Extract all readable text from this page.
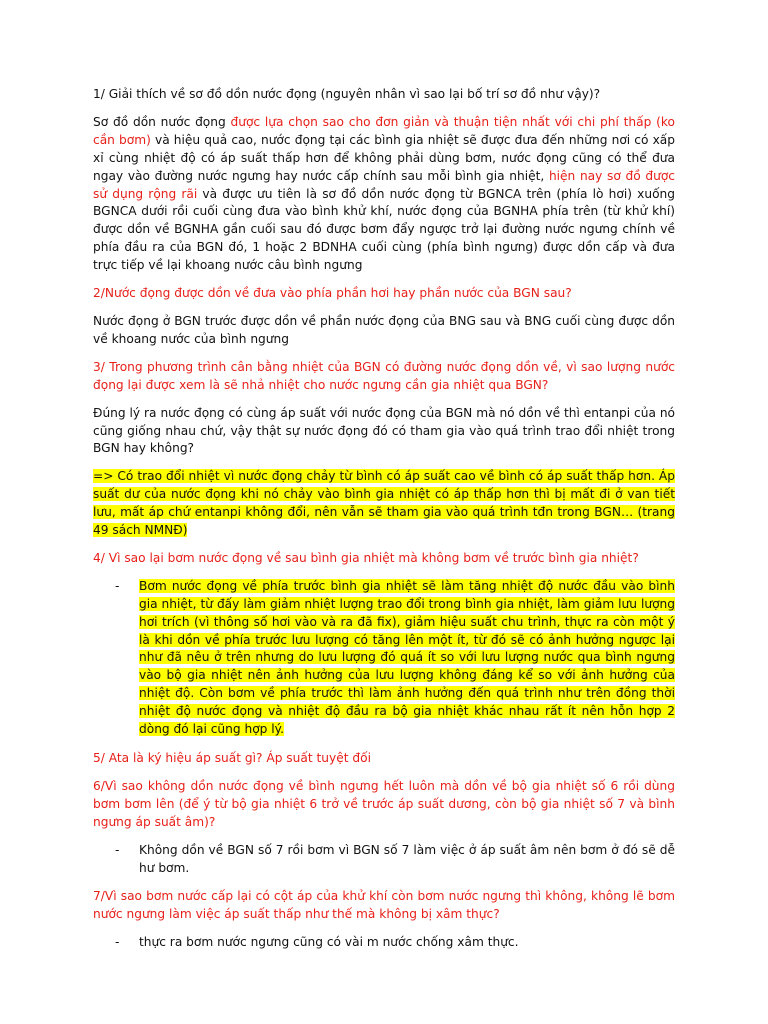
1/ Giải thích về sơ đồ dồn nước đọng (nguyên nhân vì sao lại bố trí sơ đồ như vậy)?

Sơ đồ dồn nước đọng được lựa chọn sao cho đơn giản và thuận tiện nhất với chi phí thấp (ko cần bơm) và hiệu quả cao, nước đọng tại các bình gia nhiệt sẽ được đưa đến những nơi có xấp xỉ cùng nhiệt độ có áp suất thấp hơn để không phải dùng bơm, nước đọng cũng có thể đưa ngay vào đường nước ngưng hay nước cấp chính sau mỗi bình gia nhiệt, hiện nay sơ đồ được sử dụng rộng rãi và được ưu tiên là sơ đồ dồn nước đọng từ BGNCA trên (phía lò hơi) xuống BGNCA dưới rồi cuối cùng đưa vào bình khử khí, nước đọng của BGNHA phía trên (từ khử khí) được dồn về BGNHA gần cuối sau đó được bơm đẩy ngược trở lại đường nước ngưng chính về phía đầu ra của BGN đó, 1 hoặc 2 BDNHA cuối cùng (phía bình ngưng) được dồn cấp và đưa trực tiếp về lại khoang nước câu bình ngưng

2/Nước đọng được dồn về đưa vào phía phần hơi hay phần nước của BGN sau?

Nước đọng ở BGN trước được dồn về phần nước đọng của BNG sau và BNG cuối cùng được dồn về khoang nước của bình ngưng

3/ Trong phương trình cân bằng nhiệt của BGN có đường nước đọng dồn về, vì sao lượng nước đọng lại được xem là sẽ nhả nhiệt cho nước ngưng cần gia nhiệt qua BGN?

Đúng lý ra nước đọng có cùng áp suất với nước đọng của BGN mà nó dồn về thì entanpi của nó cũng giống nhau chứ, vậy thật sự nước đọng đó có tham gia vào quá trình trao đổi nhiệt trong BGN hay không?

=> Có trao đổi nhiệt vì nước đọng chảy từ bình có áp suất cao về bình có áp suất thấp hơn. Áp suất dư của nước đọng khi nó chảy vào bình gia nhiệt có áp thấp hơn thì bị mất đi ở van tiết lưu, mất áp chứ entanpi không đổi, nên vẫn sẽ tham gia vào quá trình tđn trong BGN… (trang 49 sách NMNĐ)

4/ Vì sao lại bơm nước đọng về sau bình gia nhiệt mà không bơm về trước bình gia nhiệt?

- Bơm nước đọng về phía trước bình gia nhiệt sẽ làm tăng nhiệt độ nước đầu vào bình gia nhiệt, từ đấy làm giảm nhiệt lượng trao đổi trong bình gia nhiệt, làm giảm lưu lượng hơi trích (vì thông số hơi vào và ra đã fix), giảm hiệu suất chu trình, thực ra còn một ý là khi dồn về phía trước lưu lượng có tăng lên một ít, từ đó sẽ có ảnh hưởng ngược lại như đã nêu ở trên nhưng do lưu lượng đó quá ít so với lưu lượng nước qua bình ngưng vào bộ gia nhiệt nên ảnh hưởng của lưu lượng không đáng kể so với ảnh hưởng của nhiệt độ. Còn bơm về phía trước thì làm ảnh hưởng đến quá trình như trên đồng thời nhiệt độ nước đọng và nhiệt độ đầu ra bộ gia nhiệt khác nhau rất ít nên hỗn hợp 2 dòng đó lại cũng hợp lý.

5/ Ata là ký hiệu áp suất gì? Áp suất tuyệt đối

6/Vì sao không dồn nước đọng về bình ngưng hết luôn mà dồn về bộ gia nhiệt số 6 rồi dùng bơm bơm lên (để ý từ bộ gia nhiệt 6 trở về trước áp suất dương, còn bộ gia nhiệt số 7 và bình ngưng áp suất âm)?

- Không dồn về BGN số 7 rồi bơm vì BGN số 7 làm việc ở áp suất âm nên bơm ở đó sẽ dễ hư bơm.

7/Vì sao bơm nước cấp lại có cột áp của khử khí còn bơm nước ngưng thì không, không lẽ bơm nước ngưng làm việc áp suất thấp như thế mà không bị xâm thực?

- thực ra bơm nước ngưng cũng có vài m nước chống xâm thực.
